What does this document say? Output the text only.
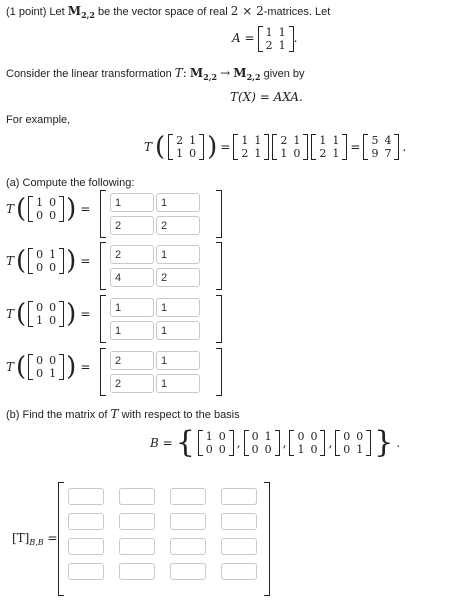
(1 point) Let $M_{2,2}$ be the vector space of real 2 × 2-matrices. Let
A = 1 1
2 1
.
Consider the linear transformation T: $M_{2,2} \to M_{2,2}$ given by
T(X) = AXA.
For example,
T ( 2 1
1 0 ) = 1 1
2 1
2 1
1 0
1 1
2 1 = 5 4
9 7 .
(a) Compute the following:
T ( 1 0
0 0 ) =	1	1
2	2
T ( 0 1
0 0 ) =	2	1
4	2
T ( 0 0
1 0 ) =	1	1
1	1
T ( 0 0
0 1 ) =	2	1
2	1
(b) Find the matrix of T with respect to the basis
B = { 1 0
0 0 , 0 1
0 0 , 0 0
1 0 , 0 0
0 1 } .
$[T]_{B,B}$ =
